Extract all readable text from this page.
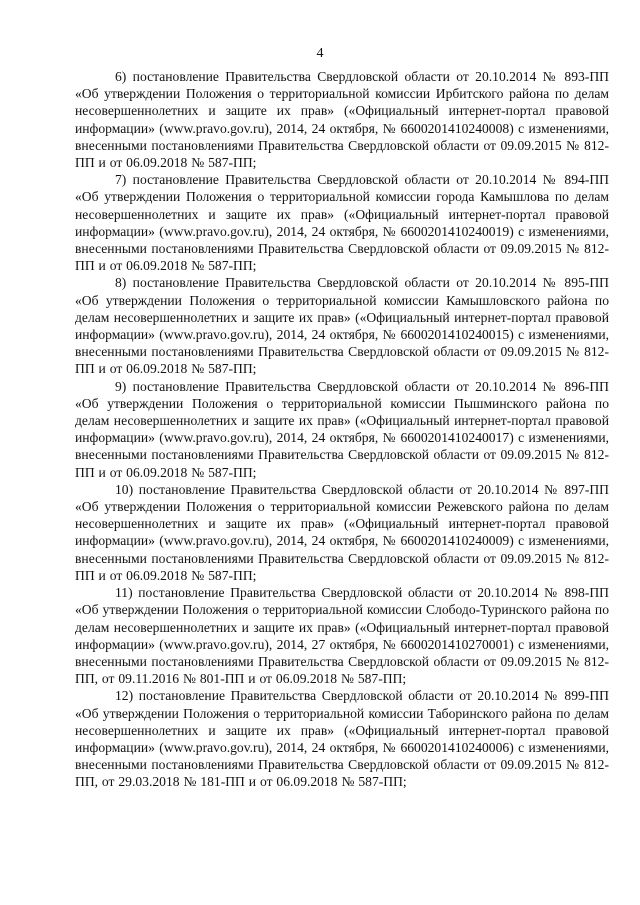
4

6) постановление Правительства Свердловской области от 20.10.2014 № 893-ПП «Об утверждении Положения о территориальной комиссии Ирбитского района по делам несовершеннолетних и защите их прав» («Официальный интернет-портал правовой информации» (www.pravo.gov.ru), 2014, 24 октября, № 6600201410240008) с изменениями, внесенными постановлениями Правительства Свердловской области от 09.09.2015 № 812-ПП и от 06.09.2018 № 587-ПП;

7) постановление Правительства Свердловской области от 20.10.2014 № 894-ПП «Об утверждении Положения о территориальной комиссии города Камышлова по делам несовершеннолетних и защите их прав» («Официальный интернет-портал правовой информации» (www.pravo.gov.ru), 2014, 24 октября, № 6600201410240019) с изменениями, внесенными постановлениями Правительства Свердловской области от 09.09.2015 № 812-ПП и от 06.09.2018 № 587-ПП;

8) постановление Правительства Свердловской области от 20.10.2014 № 895-ПП «Об утверждении Положения о территориальной комиссии Камышловского района по делам несовершеннолетних и защите их прав» («Официальный интернет-портал правовой информации» (www.pravo.gov.ru), 2014, 24 октября, № 6600201410240015) с изменениями, внесенными постановлениями Правительства Свердловской области от 09.09.2015 № 812-ПП и от 06.09.2018 № 587-ПП;

9) постановление Правительства Свердловской области от 20.10.2014 № 896-ПП «Об утверждении Положения о территориальной комиссии Пышминского района по делам несовершеннолетних и защите их прав» («Официальный интернет-портал правовой информации» (www.pravo.gov.ru), 2014, 24 октября, № 6600201410240017) с изменениями, внесенными постановлениями Правительства Свердловской области от 09.09.2015 № 812-ПП и от 06.09.2018 № 587-ПП;

10) постановление Правительства Свердловской области от 20.10.2014 № 897-ПП «Об утверждении Положения о территориальной комиссии Режевского района по делам несовершеннолетних и защите их прав» («Официальный интернет-портал правовой информации» (www.pravo.gov.ru), 2014, 24 октября, № 6600201410240009) с изменениями, внесенными постановлениями Правительства Свердловской области от 09.09.2015 № 812-ПП и от 06.09.2018 № 587-ПП;

11) постановление Правительства Свердловской области от 20.10.2014 № 898-ПП «Об утверждении Положения о территориальной комиссии Слободо-Туринского района по делам несовершеннолетних и защите их прав» («Официальный интернет-портал правовой информации» (www.pravo.gov.ru), 2014, 27 октября, № 6600201410270001) с изменениями, внесенными постановлениями Правительства Свердловской области от 09.09.2015 № 812-ПП, от 09.11.2016 № 801-ПП и от 06.09.2018 № 587-ПП;

12) постановление Правительства Свердловской области от 20.10.2014 № 899-ПП «Об утверждении Положения о территориальной комиссии Таборинского района по делам несовершеннолетних и защите их прав» («Официальный интернет-портал правовой информации» (www.pravo.gov.ru), 2014, 24 октября, № 6600201410240006) с изменениями, внесенными постановлениями Правительства Свердловской области от 09.09.2015 № 812-ПП, от 29.03.2018 № 181-ПП и от 06.09.2018 № 587-ПП;
